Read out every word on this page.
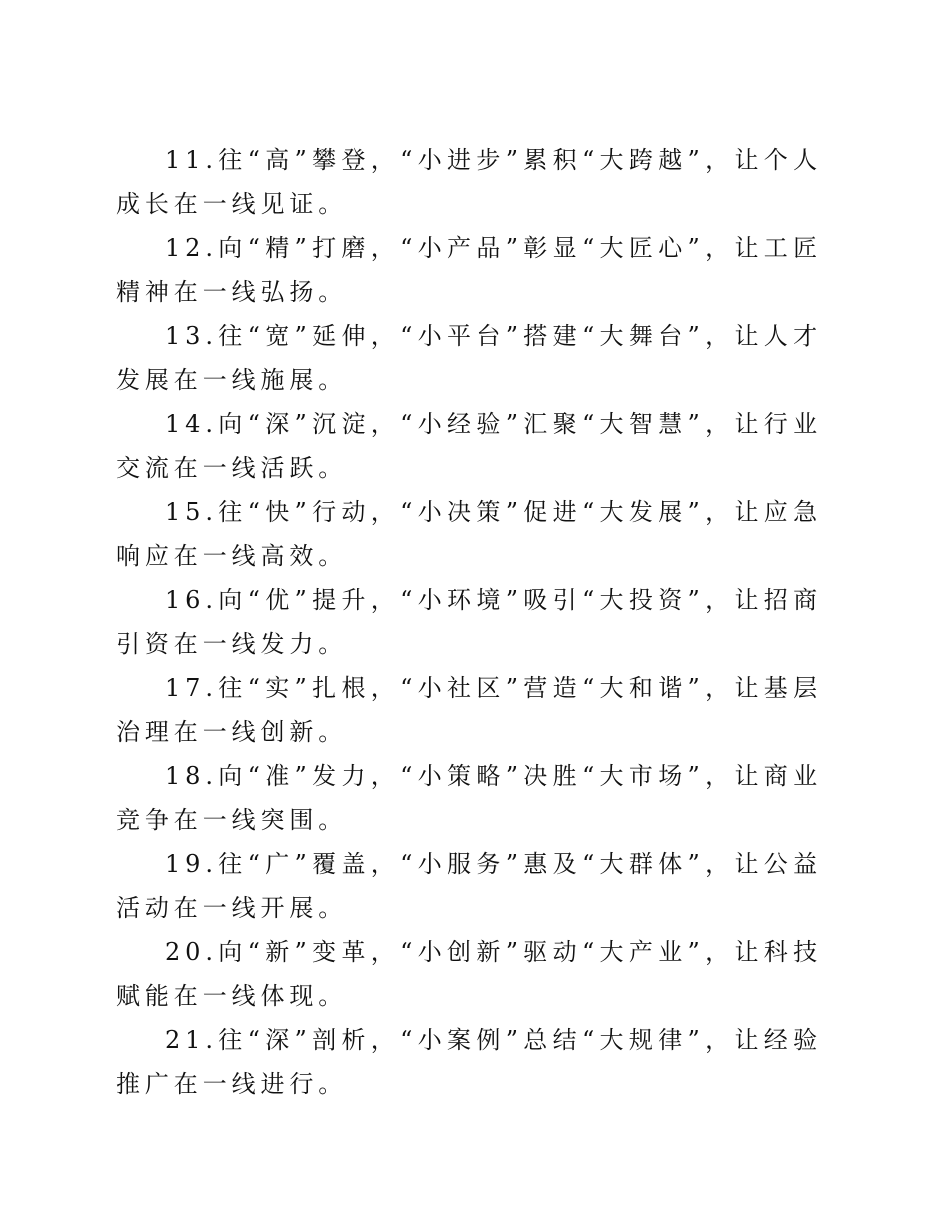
11.往“高”攀登，“小进步”累积“大跨越”，让个人成长在一线见证。

12.向“精”打磨，“小产品”彰显“大匠心”，让工匠精神在一线弘扬。

13.往“宽”延伸，“小平台”搭建“大舞台”，让人才发展在一线施展。

14.向“深”沉淀，“小经验”汇聚“大智慧”，让行业交流在一线活跃。

15.往“快”行动，“小决策”促进“大发展”，让应急响应在一线高效。

16.向“优”提升，“小环境”吸引“大投资”，让招商引资在一线发力。

17.往“实”扎根，“小社区”营造“大和谐”，让基层治理在一线创新。

18.向“准”发力，“小策略”决胜“大市场”，让商业竞争在一线突围。

19.往“广”覆盖，“小服务”惠及“大群体”，让公益活动在一线开展。

20.向“新”变革，“小创新”驱动“大产业”，让科技赋能在一线体现。

21.往“深”剖析，“小案例”总结“大规律”，让经验推广在一线进行。
